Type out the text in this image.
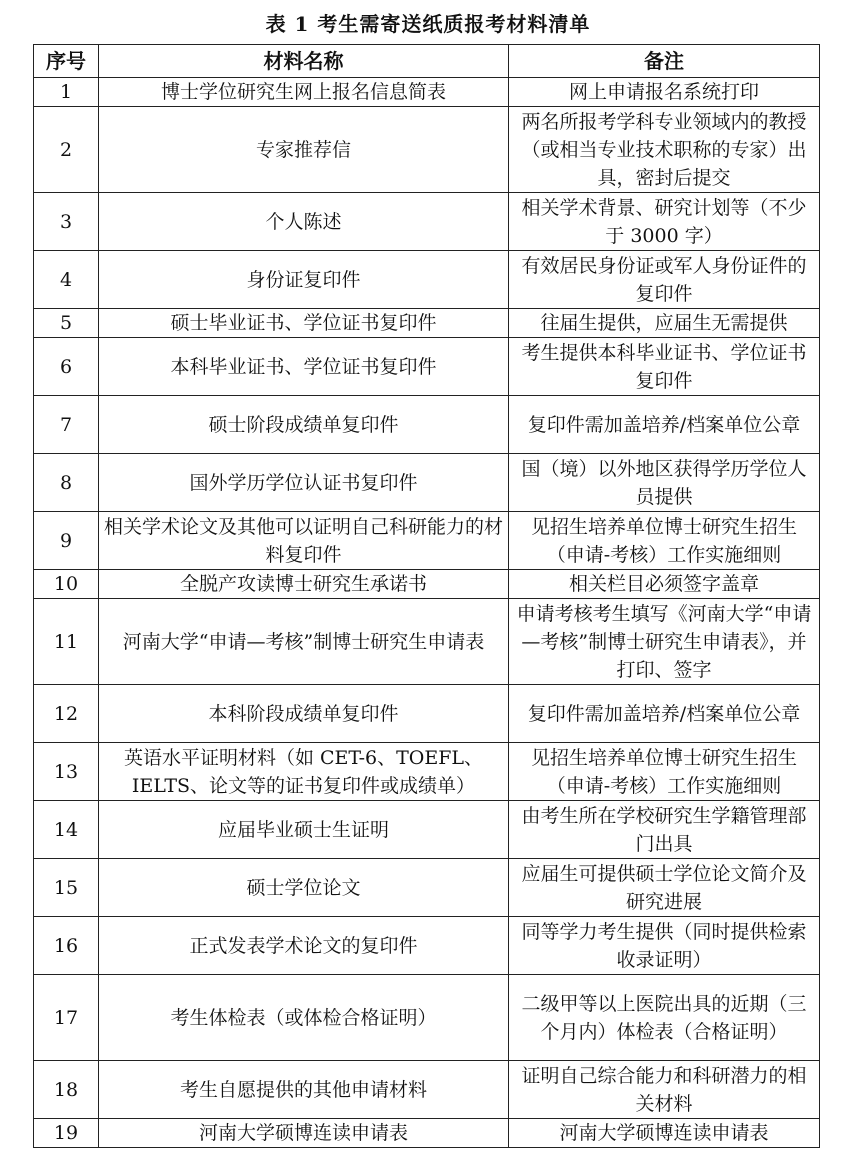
表 1 考生需寄送纸质报考材料清单
序号	材料名称	备注
1	博士学位研究生网上报名信息简表	网上申请报名系统打印
2	专家推荐信	两名所报考学科专业领域内的教授（或相当专业技术职称的专家）出具，密封后提交
3	个人陈述	相关学术背景、研究计划等（不少于 3000 字）
4	身份证复印件	有效居民身份证或军人身份证件的复印件
5	硕士毕业证书、学位证书复印件	往届生提供，应届生无需提供
6	本科毕业证书、学位证书复印件	考生提供本科毕业证书、学位证书复印件
7	硕士阶段成绩单复印件	复印件需加盖培养/档案单位公章
8	国外学历学位认证书复印件	国（境）以外地区获得学历学位人员提供
9	相关学术论文及其他可以证明自己科研能力的材料复印件	见招生培养单位博士研究生招生（申请-考核）工作实施细则
10	全脱产攻读博士研究生承诺书	相关栏目必须签字盖章
11	河南大学“申请—考核”制博士研究生申请表	申请考核考生填写《河南大学“申请—考核”制博士研究生申请表》，并打印、签字
12	本科阶段成绩单复印件	复印件需加盖培养/档案单位公章
13	英语水平证明材料（如 CET-6、TOEFL、IELTS、论文等的证书复印件或成绩单）	见招生培养单位博士研究生招生（申请-考核）工作实施细则
14	应届毕业硕士生证明	由考生所在学校研究生学籍管理部门出具
15	硕士学位论文	应届生可提供硕士学位论文简介及研究进展
16	正式发表学术论文的复印件	同等学力考生提供（同时提供检索收录证明）
17	考生体检表（或体检合格证明）	二级甲等以上医院出具的近期（三个月内）体检表（合格证明）
18	考生自愿提供的其他申请材料	证明自己综合能力和科研潜力的相关材料
19	河南大学硕博连读申请表	河南大学硕博连读申请表
